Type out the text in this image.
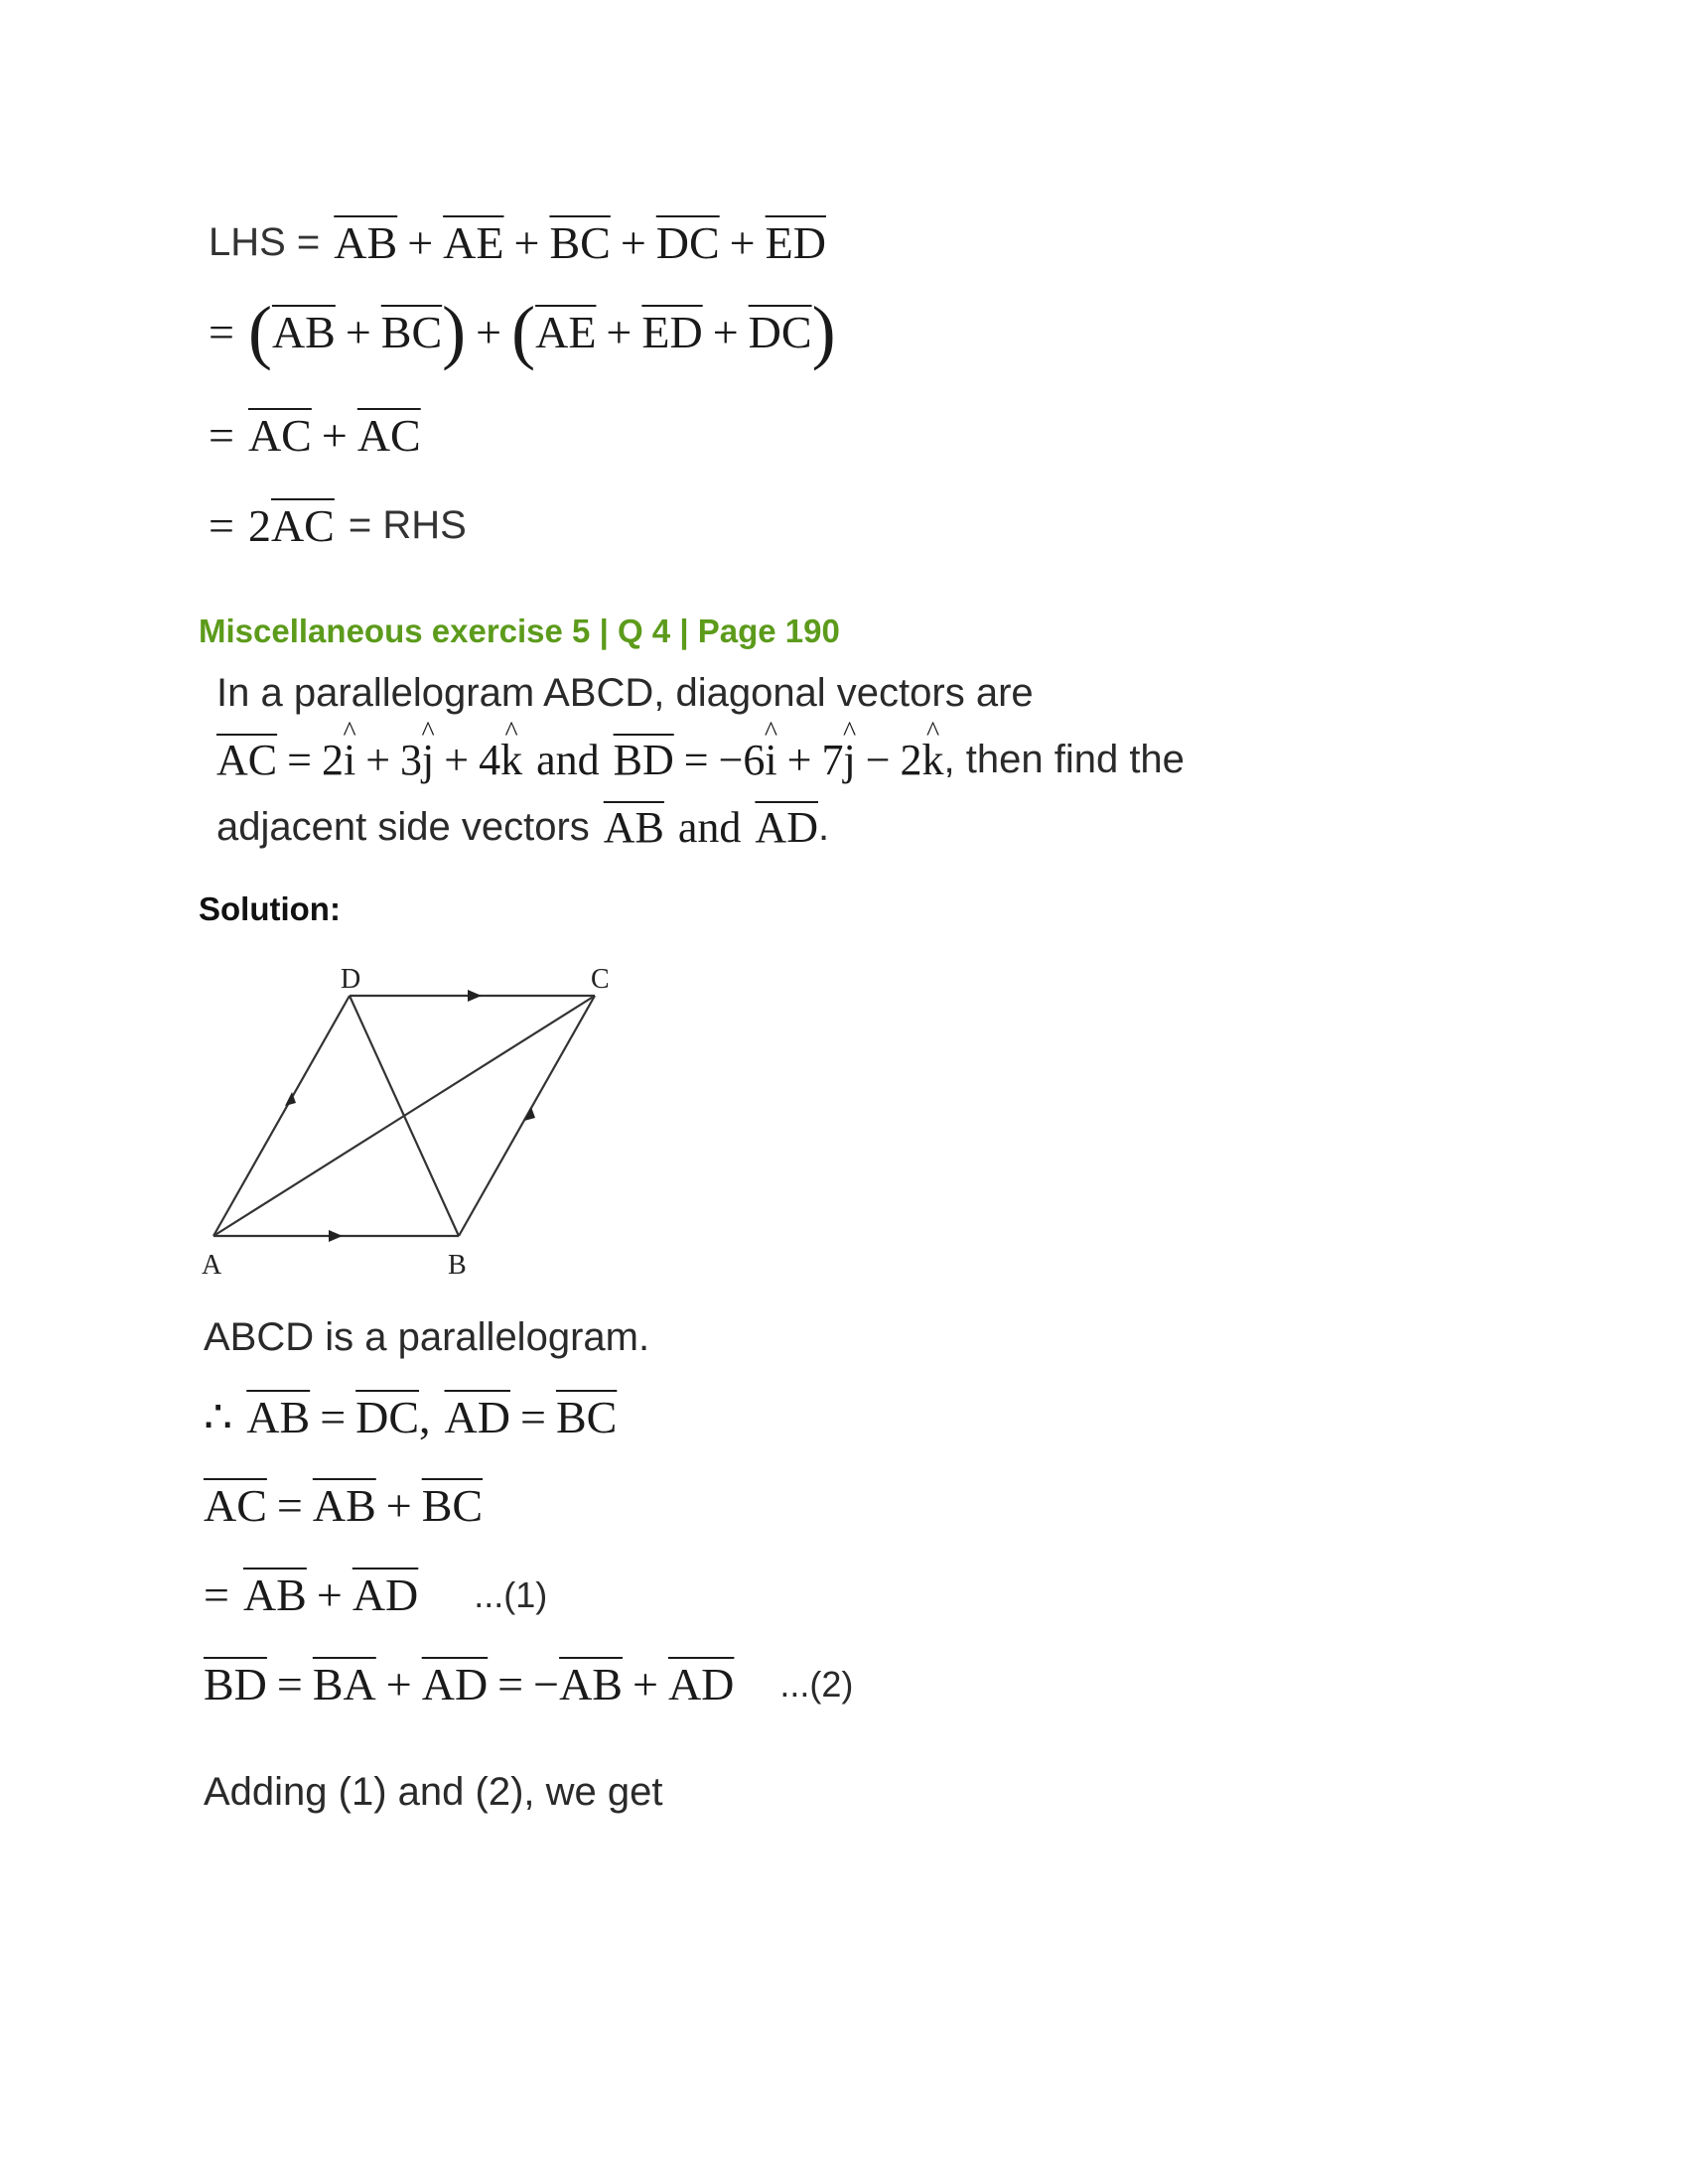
LHS = $\overline{AB} + \overline{AE} + \overline{BC} + \overline{DC} + \overline{ED}$
= ( $\overline{AB} + \overline{BC}$ ) + ( $\overline{AE} + \overline{ED} + \overline{DC}$ )
= $\overline{AC} + \overline{AC}$
= 2 $\overline{AC}$ = RHS
Miscellaneous exercise 5 | Q 4 | Page 190
In a parallelogram ABCD, diagonal vectors are
$\overline{AC} = 2$ ^ i + 3 ^ j + 4 ^ k and $\overline{BD} = -6$ ^ i + 7 ^ j − 2 ^ k , then find the
adjacent side vectors $\overline{AB}$ and $\overline{AD}$ .
Solution:
A	B
C
D
ABCD is a parallelogram.
∴ $\overline{AB} = \overline{DC}$ , $\overline{AD} = \overline{BC}$
$\overline{AC} = \overline{AB} + \overline{BC}$
= $\overline{AB} + \overline{AD}$ ...(1)
$\overline{BD} = \overline{BA} + \overline{AD}$ = − $\overline{AB} + \overline{AD}$ ...(2)
Adding (1) and (2), we get
